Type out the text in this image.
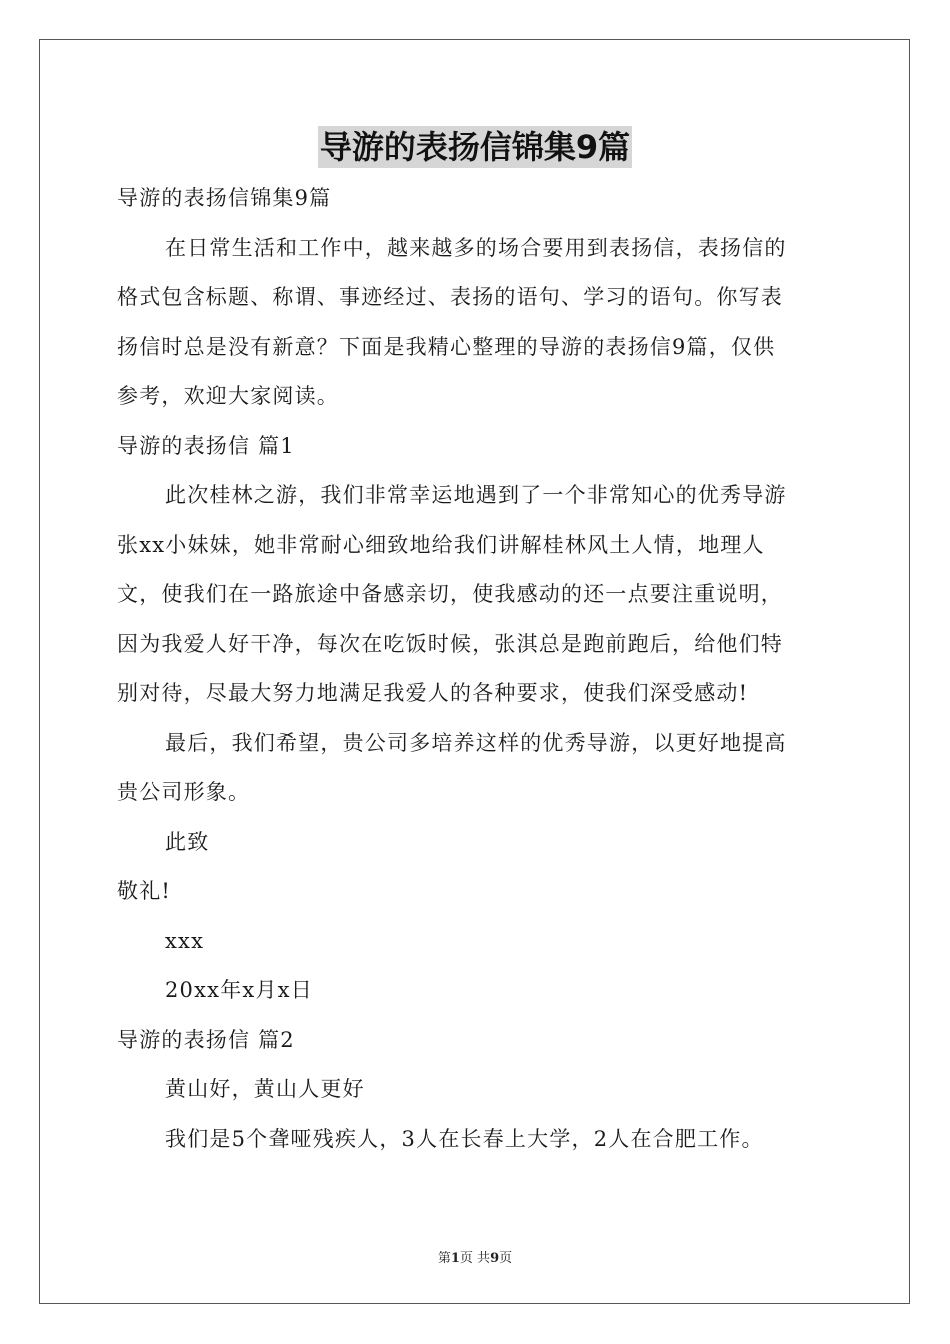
导游的表扬信锦集9篇
导游的表扬信锦集9篇
在日常生活和工作中，越来越多的场合要用到表扬信，表扬信的
格式包含标题、称谓、事迹经过、表扬的语句、学习的语句。你写表
扬信时总是没有新意？下面是我精心整理的导游的表扬信9篇，仅供
参考，欢迎大家阅读。
导游的表扬信 篇1
此次桂林之游，我们非常幸运地遇到了一个非常知心的优秀导游
张xx小妹妹，她非常耐心细致地给我们讲解桂林风土人情，地理人
文，使我们在一路旅途中备感亲切，使我感动的还一点要注重说明，
因为我爱人好干净，每次在吃饭时候，张淇总是跑前跑后，给他们特
别对待，尽最大努力地满足我爱人的各种要求，使我们深受感动!
最后，我们希望，贵公司多培养这样的优秀导游，以更好地提高
贵公司形象。
此致
敬礼!
xxx
20xx年x月x日
导游的表扬信 篇2
黄山好，黄山人更好
我们是5个聋哑残疾人，3人在长春上大学，2人在合肥工作。
第1页 共9页
